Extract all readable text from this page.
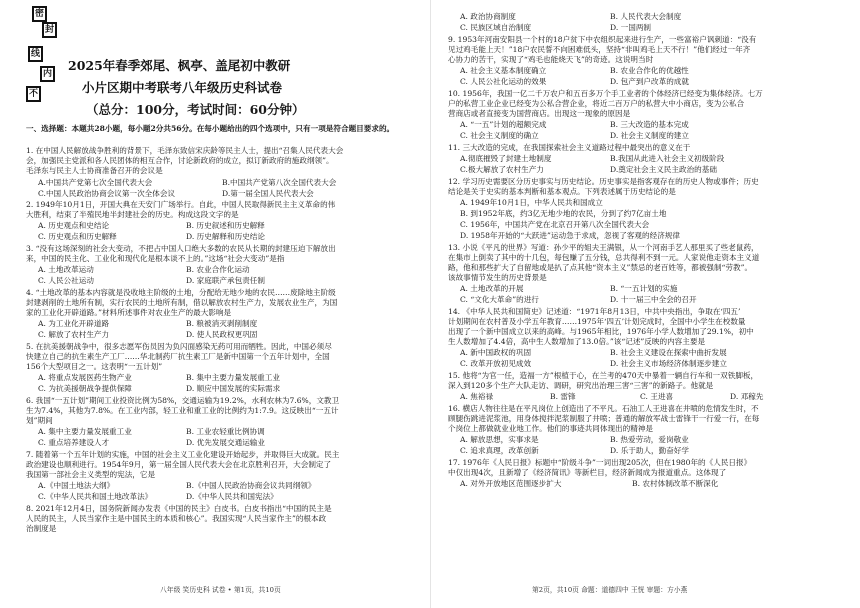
密
封
线
内
不
2025年春季郊尾、枫亭、盖尾初中教研
小片区期中考联考八年级历史科试卷
（总分：100分，考试时间：60分钟）
一、选择题：本题共28小题，每小题2分共56分。在每小题给出的四个选项中，只有一项是符合题目要求的。
1. 在中国人民解放战争胜利的背景下，毛泽东致信宋庆龄等民主人士，提出“召集人民代表大会
会，加强民主党派和各人民团体的相互合作，讨论新政府的成立，拟订新政府的施政纲领”。
毛泽东与民主人士协商准备召开的会议是
A.中国共产党第七次全国代表大会	B.中国共产党第八次全国代表大会
C.中国人民政治协商会议第一次全体会议	D.第一届全国人民代表大会
2. 1949年10月1日，开国大典在天安门广场举行。自此，中国人民取得新民主主义革命的伟
大胜利，结束了半殖民地半封建社会的历史。构成这段文字的是
A. 历史观点和史结论	B. 历史叙述和历史解释
C. 历史观点和历史解释	D. 历史解释和历史结论
3. “没有这场深刻的社会大变动，不把占中国人口绝大多数的农民从长期的封建压迫下解放出
来，中国的民主化、工业化和现代化是根本谈不上的。”这场“社会大变动”是指
A. 土地改革运动	B. 农业合作化运动
C. 人民公社运动	D. 家庭联产承包责任制
4. “土地改革的基本内容就是没收地主阶级的土地，分配给无地少地的农民……废除地主阶级
封建剥削的土地所有制，实行农民的土地所有制，借以解放农村生产力，发展农业生产，为国
家的工业化开辟道路。”材料所述事件对农业生产的最大影响是
A. 为工业化开辟道路	B. 粮被消灭剥削制度
C. 解放了农村生产力	D. 使人民政权更巩固
5. 在抗美援朝战争中，很多志愿军伤员因为负闪面感染无药可用而牺牲。因此，中国必须尽
快建立自己的抗生素生产工厂……华北制药厂抗生素工厂是新中国第一个五年计划中，全国
156个大型项目之一。这表明“一五计划”
A. 将重点发展医药生物产业	B. 集中主要力量发展重工业
C. 为抗美援朝战争提供保障	D. 顺应中国发展的实际需求
6. 我国“一五计划”期间工业投资比例为58%，交通运输为19.2%，水利农林为7.6%，文教卫
生为7.4%，其他为7.8%。在工业内部，轻工业和重工业的比例约为1:7.9。这反映出“一五计
划”期间
A. 集中主要力量发展重工业	B. 工业农轻重比例协调
C. 重点培养建设人才	D. 优先发展交通运输业
7. 随着第一个五年计划的实施，中国的社会主义工业化建设开始起步，并取得巨大成就。民主
政治建设也顺利进行。1954年9月，第一届全国人民代表大会在北京胜利召开，大会制定了
我国第一部社会主义类型的宪法，它是
A.《中国土地法大纲》	B.《中国人民政治协商会议共同纲领》
C.《中华人民共和国土地改革法》	D.《中华人民共和国宪法》
8. 2021年12月4日，国务院新闻办发表《中国的民主》白皮书。白皮书指出“中国的民主是
人民的民主，人民当家作主是中国民主的本质和核心”。我国实现“人民当家作主”的根本政
治制度是
八年级 笑历史科 试卷 • 第1页，共10页
A. 政治协商制度	B. 人民代表大会制度
C. 民族区域自治制度	D. 一国两制
9. 1953年河南安阳县一个村的18户贫下中农组织起来进行生产，一些富裕户讽刺道：“没有
见过鸡毛能上天！”18户农民誓不向困难低头，坚持“非叫鸡毛上天不行！”他们经过一年齐
心协力的苦干，实现了“鸡毛也能烧天飞”的奇迹。这说明当时
A. 社会主义基本制度确立	B. 农业合作化的优越性
C. 人民公社化运动的效果	D. 包产到户改革的成就
10. 1956年，我国一亿二千万农户和五百多万个手工业者的个体经济已经变为集体经济。七万
户的私营工业企业已经变为公私合营企业，将近二百万户的私营大中小商店，变为公私合
营商店或者直接变为国营商店。出现这一现象的原因是
A. “一五”计划的超额完成	B. 三大改造的基本完成
C. 社会主义制度的确立	D. 社会主义制度的建立
11. 三大改造的完成，在我国探索社会主义道路过程中最突出的意义在于
A.彻底摧毁了封建土地制度	B.我国从此进入社会主义初级阶段
C.极大解放了农村生产力	D.奠定社会主义民主政治的基础
12. 学习历史需要区分历史事实与历史结论。历史事实是指客观存在的历史人物或事件；历史
结论是关于史实的基本判断和基本观点。下列表述属于历史结论的是
A. 1949年10月1日，中华人民共和国成立
B. 到1952年底，约3亿无地少地的农民，分到了约7亿亩土地
C. 1956年，中国共产党在北京召开第八次全国代表大会
D. 1958年开始的“大跃进”运动急于求成，忽视了客观的经济规律
13. 小说《平凡的世界》写道：孙少平的姐夫王满银，从一个河南手艺人那里买了些老鼠药，
在集市上倒卖了其中的十几包，每包赚了五分钱，总共得利不到一元。人家说他走资本主义道
路，他和那些扩大了自留地或是扒了点其他“资本主义”禁忌的老百姓等，都被强制“劳教”。
该故事情节发生的历史背景是
A. 土地改革的开展	B. “一五计划的实施
C. “文化大革命”的进行	D. 十一届三中全会的召开
14. 《中华人民共和国简史》记述道：“1971年8月13日，中共中央指出，争取在‘四五’
计划期间在农村普及小学五年教育……1975年‘四五’计划完成时，全国中小学生在校数量
出现了一个新中国成立以来的高峰。与1965年相比，1976年小学人数增加了29.1%，初中
生人数增加了4.4倍，高中生人数增加了13.0倍。”该“记述”反映的内容主要是
A. 新中国政权的巩固	B. 社会主义建设在探索中曲折发展
C. 改革开放初见成效	D. 社会主义市场经济体制逐步建立
15. 他将“为官一任，造福一方”根植于心，在兰考的470天中暴着一辆自行车和一双铁脚板，
深入到120多个生产大队走访、调研，研究出治理三害“三害”的新路子。他就是
A. 焦裕禄	B. 雷锋	C. 王进喜	D. 邓稼先
16. 横店人物往往是在平凡岗位上创造出了不平凡。石油工人王进喜在井喷的危情发生时，不
顾腿伤跳进泥浆池，用身体搅拌泥浆制服了井喷；普通的解放军战士雷锋干一行爱一行，在每
个岗位上都做就业业地工作。他们的事迹共同体现出的精神是
A. 解放思想，实事求是	B. 热爱劳动，爱岗敬业
C. 追求真理，改革创新	D. 乐于助人，勤奋好学
17. 1976年《人民日报》标题中“阶级斗争”一词出现205次，但在1980年的《人民日报》
中仅出现4次，且新增了《经济简讯》等新栏目，经济新闻成为报道重点。这体现了
A. 对外开放地区范围逐步扩大	B. 农村体制改革不断深化
第2页，共10页 命题：道德四中 王恍 审题：方小燕
